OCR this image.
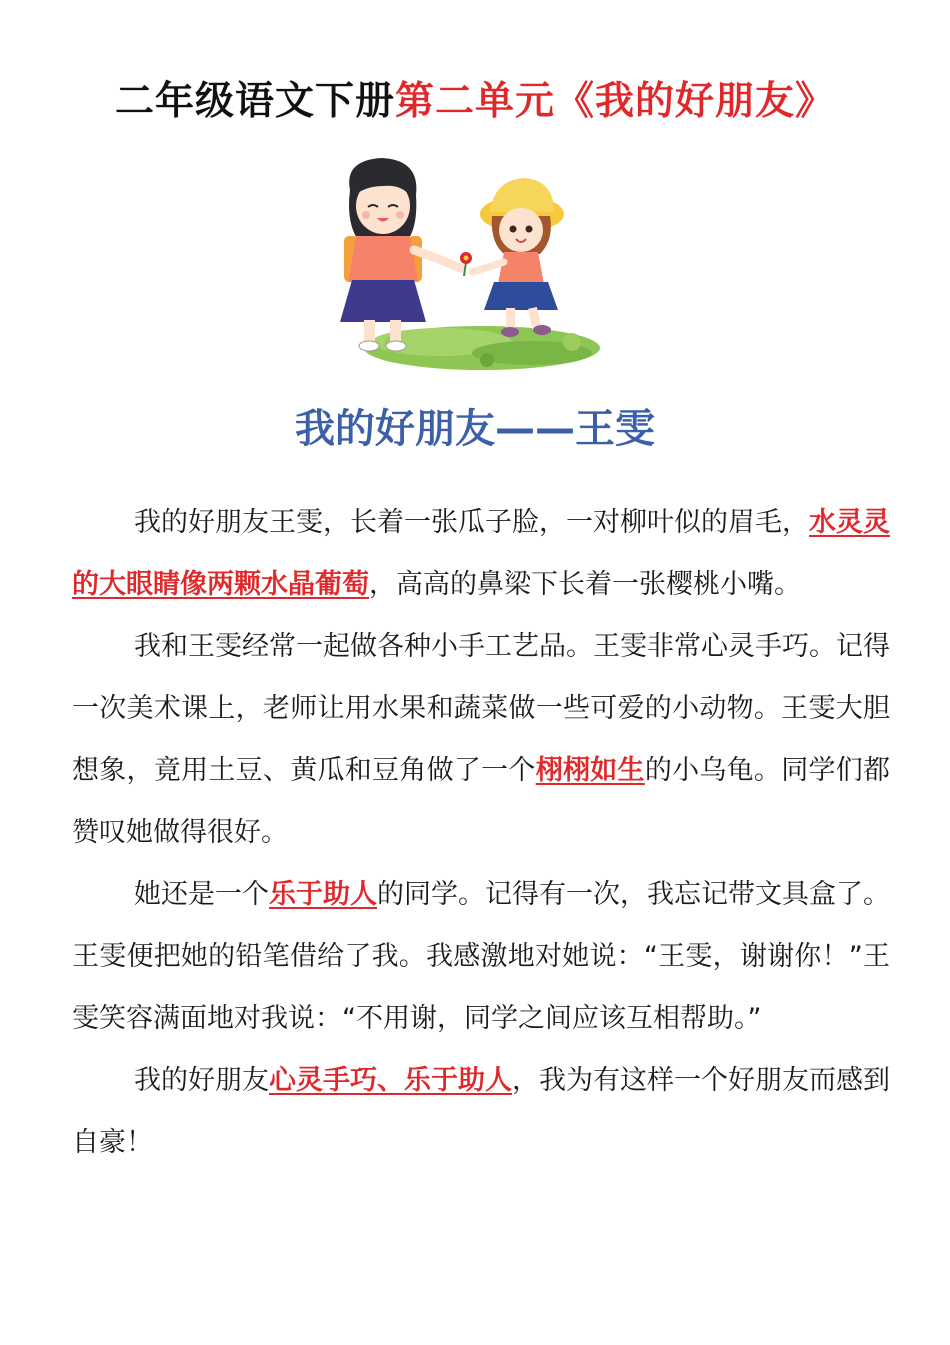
二年级语文下册第二单元《我的好朋友》
我的好朋友——王雯

我的好朋友王雯，长着一张瓜子脸，一对柳叶似的眉毛，水灵灵的大眼睛像两颗水晶葡萄，高高的鼻梁下长着一张樱桃小嘴。

我和王雯经常一起做各种小手工艺品。王雯非常心灵手巧。记得一次美术课上，老师让用水果和蔬菜做一些可爱的小动物。王雯大胆想象，竟用土豆、黄瓜和豆角做了一个栩栩如生的小乌龟。同学们都赞叹她做得很好。

她还是一个乐于助人的同学。记得有一次，我忘记带文具盒了。王雯便把她的铅笔借给了我。我感激地对她说：“王雯，谢谢你！”王雯笑容满面地对我说：“不用谢，同学之间应该互相帮助。”

我的好朋友心灵手巧、乐于助人，我为有这样一个好朋友而感到自豪！
